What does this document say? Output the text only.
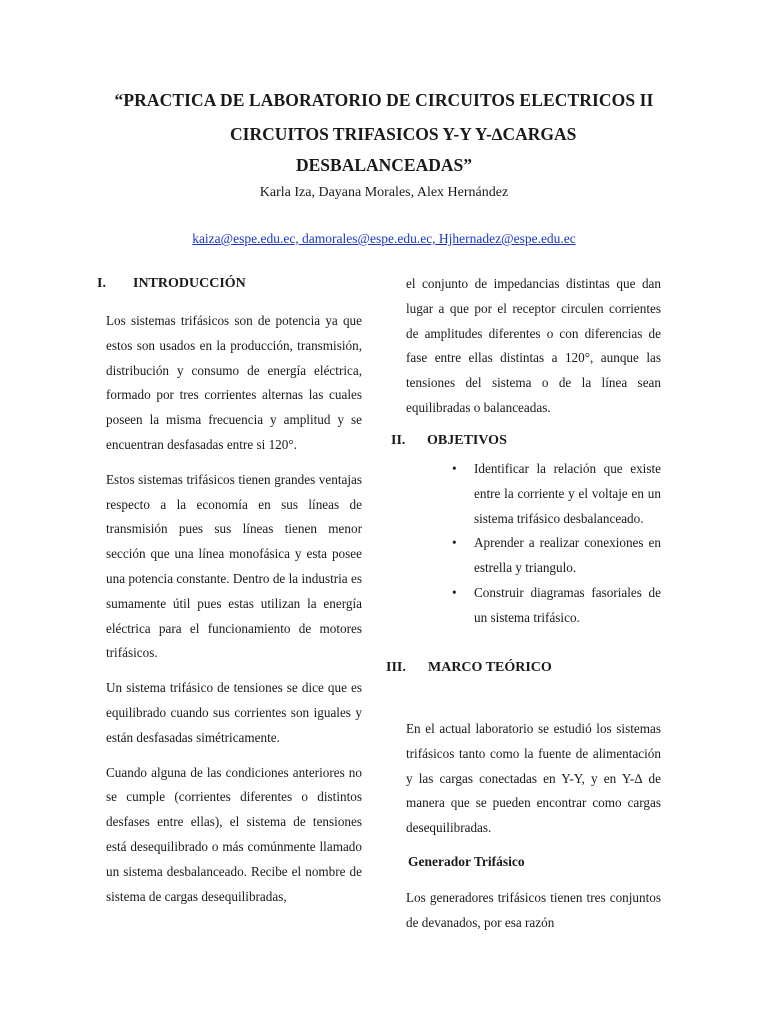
“PRACTICA DE LABORATORIO DE CIRCUITOS ELECTRICOS II
CIRCUITOS TRIFASICOS Y-Y Y-∆CARGAS
DESBALANCEADAS”
Karla Iza, Dayana Morales, Alex Hernández
kaiza@espe.edu.ec, damorales@espe.edu.ec, Hjhernadez@espe.edu.ec
I. INTRODUCCIÓN

Los sistemas trifásicos son de potencia ya que estos son usados en la producción, transmisión, distribución y consumo de energía eléctrica, formado por tres corrientes alternas las cuales poseen la misma frecuencia y amplitud y se encuentran desfasadas entre si 120°.

Estos sistemas trifásicos tienen grandes ventajas respecto a la economía en sus líneas de transmisión pues sus líneas tienen menor sección que una línea monofásica y esta posee una potencia constante. Dentro de la industria es sumamente útil pues estas utilizan la energía eléctrica para el funcionamiento de motores trifásicos.

Un sistema trifásico de tensiones se dice que es equilibrado cuando sus corrientes son iguales y están desfasadas simétricamente.

Cuando alguna de las condiciones anteriores no se cumple (corrientes diferentes o distintos desfases entre ellas), el sistema de tensiones está desequilibrado o más comúnmente llamado un sistema desbalanceado. Recibe el nombre de sistema de cargas desequilibradas,

el conjunto de impedancias distintas que dan lugar a que por el receptor circulen corrientes de amplitudes diferentes o con diferencias de fase entre ellas distintas a 120°, aunque las tensiones del sistema o de la línea sean equilibradas o balanceadas.

II. OBJETIVOS
• Identificar la relación que existe entre la corriente y el voltaje en un sistema trifásico desbalanceado.
• Aprender a realizar conexiones en estrella y triangulo.
• Construir diagramas fasoriales de un sistema trifásico.
III. MARCO TEÓRICO

En el actual laboratorio se estudió los sistemas trifásicos tanto como la fuente de alimentación y las cargas conectadas en Y-Y, y en Y-∆ de manera que se pueden encontrar como cargas desequilibradas.

Generador Trifásico

Los generadores trifásicos tienen tres conjuntos de devanados, por esa razón
